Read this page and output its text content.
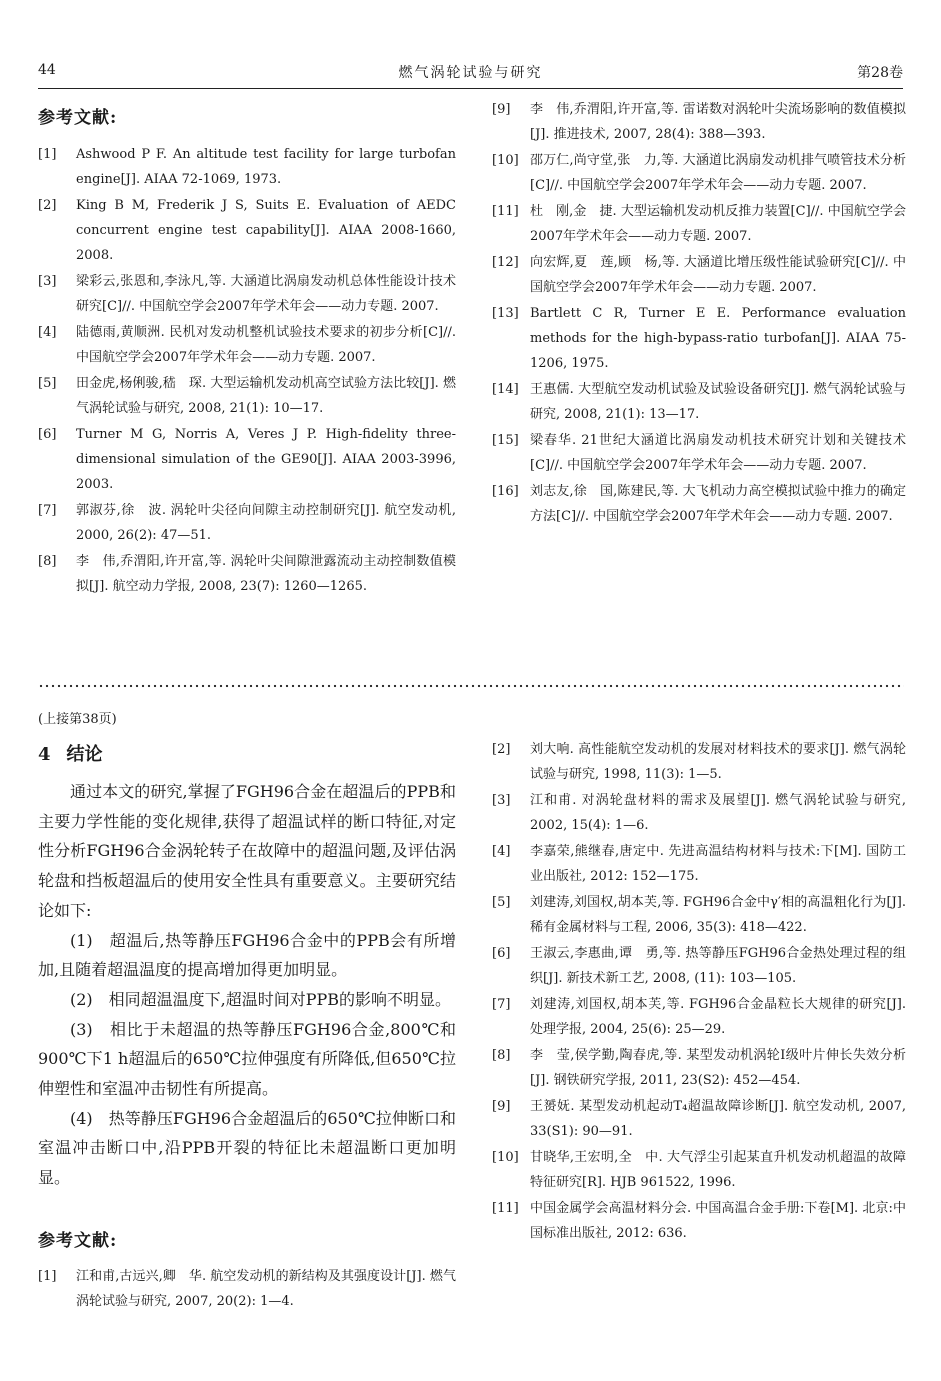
44	燃气涡轮试验与研究	第28卷
参考文献:
[1] Ashwood P F. An altitude test facility for large turbofan engine[J]. AIAA 72-1069, 1973.
[2] King B M, Frederik J S, Suits E. Evaluation of AEDC concurrent engine test capability[J]. AIAA 2008-1660, 2008.
[3] 梁彩云,张恩和,李泳凡,等. 大涵道比涡扇发动机总体性能设计技术研究[C]//. 中国航空学会2007年学术年会——动力专题. 2007.
[4] 陆德雨,黄顺洲. 民机对发动机整机试验技术要求的初步分析[C]//. 中国航空学会2007年学术年会——动力专题. 2007.
[5] 田金虎,杨俐骏,嵇　琛. 大型运输机发动机高空试验方法比较[J]. 燃气涡轮试验与研究, 2008, 21(1): 10—17.
[6] Turner M G, Norris A, Veres J P. High-fidelity three-dimensional simulation of the GE90[J]. AIAA 2003-3996, 2003.
[7] 郭淑芬,徐　波. 涡轮叶尖径向间隙主动控制研究[J]. 航空发动机, 2000, 26(2): 47—51.
[8] 李　伟,乔渭阳,许开富,等. 涡轮叶尖间隙泄露流动主动控制数值模拟[J]. 航空动力学报, 2008, 23(7): 1260—1265.
[9] 李　伟,乔渭阳,许开富,等. 雷诺数对涡轮叶尖流场影响的数值模拟[J]. 推进技术, 2007, 28(4): 388—393.
[10] 邵万仁,尚守堂,张　力,等. 大涵道比涡扇发动机排气喷管技术分析[C]//. 中国航空学会2007年学术年会——动力专题. 2007.
[11] 杜　刚,金　捷. 大型运输机发动机反推力装置[C]//. 中国航空学会2007年学术年会——动力专题. 2007.
[12] 向宏辉,夏　莲,顾　杨,等. 大涵道比增压级性能试验研究[C]//. 中国航空学会2007年学术年会——动力专题. 2007.
[13] Bartlett C R, Turner E E. Performance evaluation methods for the high-bypass-ratio turbofan[J]. AIAA 75-1206, 1975.
[14] 王惠儒. 大型航空发动机试验及试验设备研究[J]. 燃气涡轮试验与研究, 2008, 21(1): 13—17.
[15] 梁春华. 21世纪大涵道比涡扇发动机技术研究计划和关键技术[C]//. 中国航空学会2007年学术年会——动力专题. 2007.
[16] 刘志友,徐　国,陈建民,等. 大飞机动力高空模拟试验中推力的确定方法[C]//. 中国航空学会2007年学术年会——动力专题. 2007.
(上接第38页)
4 结论

通过本文的研究,掌握了FGH96合金在超温后的PPB和主要力学性能的变化规律,获得了超温试样的断口特征,对定性分析FGH96合金涡轮转子在故障中的超温问题,及评估涡轮盘和挡板超温后的使用安全性具有重要意义。主要研究结论如下:

(1)　超温后,热等静压FGH96合金中的PPB会有所增加,且随着超温温度的提高增加得更加明显。

(2)　相同超温温度下,超温时间对PPB的影响不明显。

(3)　相比于未超温的热等静压FGH96合金,800℃和900℃下1 h超温后的650℃拉伸强度有所降低,但650℃拉伸塑性和室温冲击韧性有所提高。

(4)　热等静压FGH96合金超温后的650℃拉伸断口和室温冲击断口中,沿PPB开裂的特征比未超温断口更加明显。

参考文献:
[1] 江和甫,古远兴,卿　华. 航空发动机的新结构及其强度设计[J]. 燃气涡轮试验与研究, 2007, 20(2): 1—4.
[2] 刘大响. 高性能航空发动机的发展对材料技术的要求[J]. 燃气涡轮试验与研究, 1998, 11(3): 1—5.
[3] 江和甫. 对涡轮盘材料的需求及展望[J]. 燃气涡轮试验与研究, 2002, 15(4): 1—6.
[4] 李嘉荣,熊继春,唐定中. 先进高温结构材料与技术:下[M]. 国防工业出版社, 2012: 152—175.
[5] 刘建涛,刘国权,胡本芙,等. FGH96合金中γ′相的高温粗化行为[J]. 稀有金属材料与工程, 2006, 35(3): 418—422.
[6] 王淑云,李惠曲,谭　勇,等. 热等静压FGH96合金热处理过程的组织[J]. 新技术新工艺, 2008, (11): 103—105.
[7] 刘建涛,刘国权,胡本芙,等. FGH96合金晶粒长大规律的研究[J]. 处理学报, 2004, 25(6): 25—29.
[8] 李　莹,侯学勤,陶春虎,等. 某型发动机涡轮Ⅰ级叶片伸长失效分析[J]. 钢铁研究学报, 2011, 23(S2): 452—454.
[9] 王赟妩. 某型发动机起动T₄超温故障诊断[J]. 航空发动机, 2007, 33(S1): 90—91.
[10] 甘晓华,王宏明,全　中. 大气浮尘引起某直升机发动机超温的故障特征研究[R]. HJB 961522, 1996.
[11] 中国金属学会高温材料分会. 中国高温合金手册:下卷[M]. 北京:中国标准出版社, 2012: 636.
